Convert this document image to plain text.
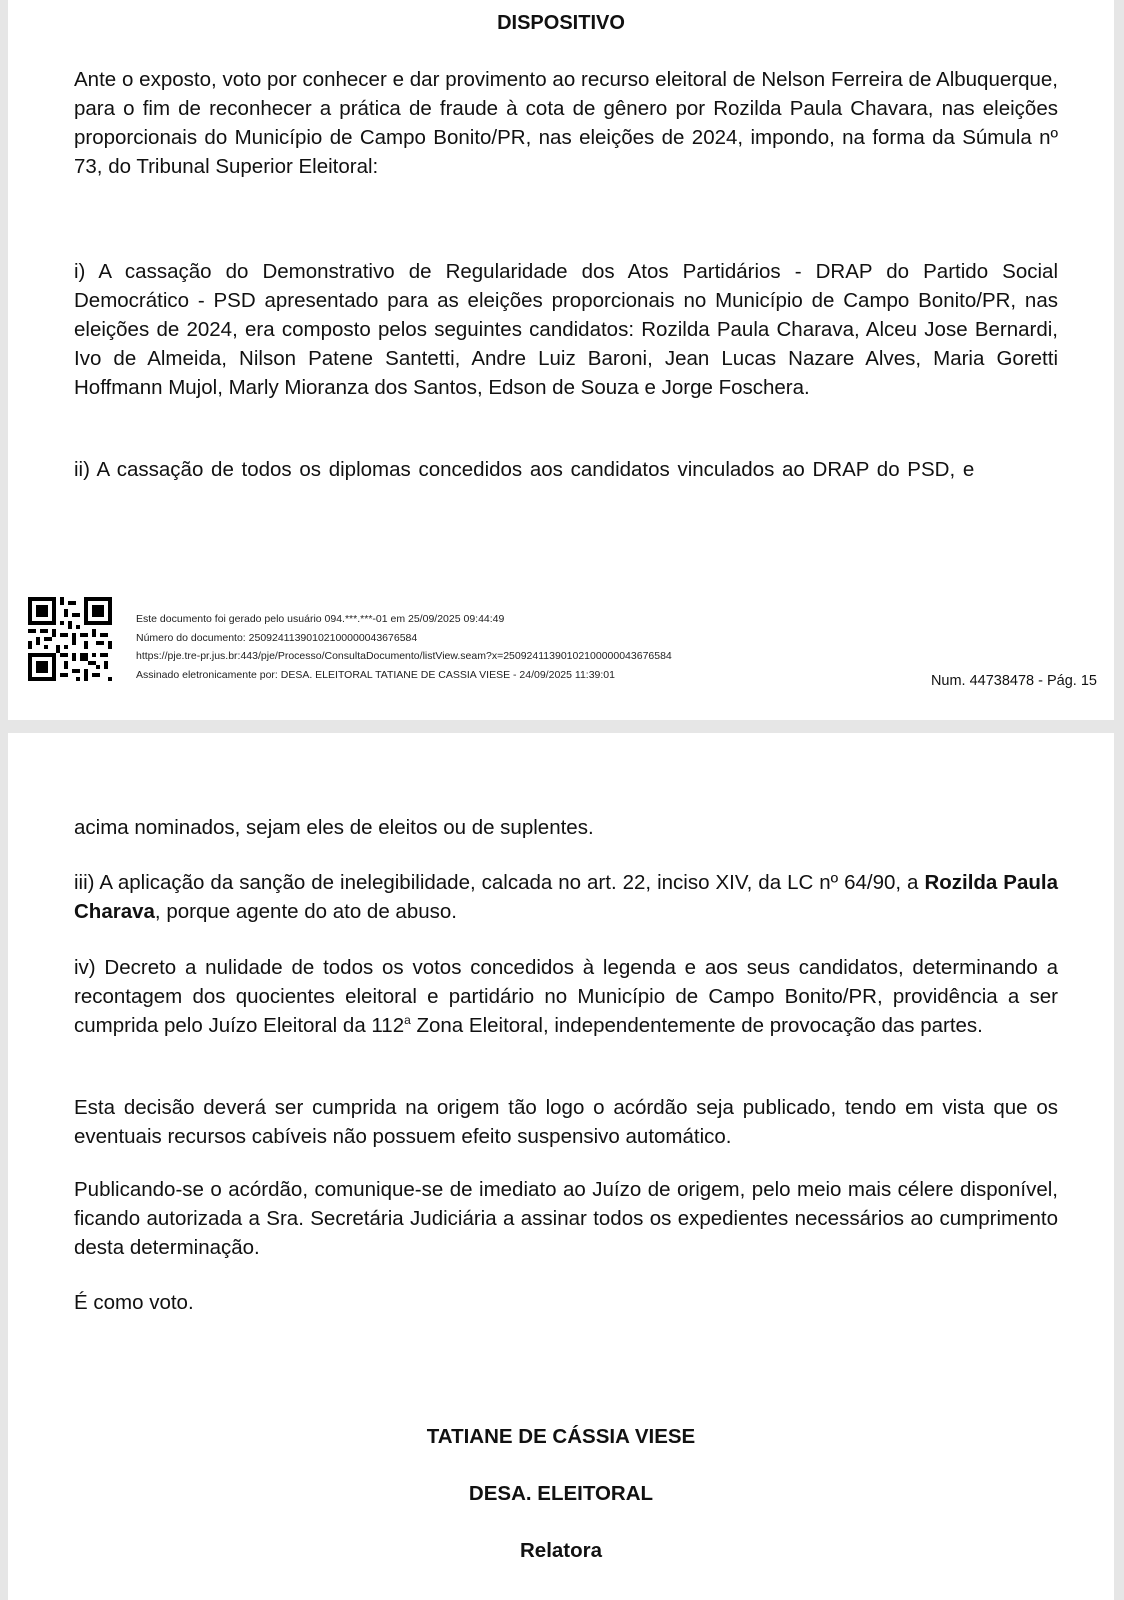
DISPOSITIVO

Ante o exposto, voto por conhecer e dar provimento ao recurso eleitoral de Nelson Ferreira de Albuquerque, para o fim de reconhecer a prática de fraude à cota de gênero por Rozilda Paula Chavara, nas eleições proporcionais do Município de Campo Bonito/PR, nas eleições de 2024, impondo, na forma da Súmula nº 73, do Tribunal Superior Eleitoral:

i) A cassação do Demonstrativo de Regularidade dos Atos Partidários - DRAP do Partido Social Democrático - PSD apresentado para as eleições proporcionais no Município de Campo Bonito/PR, nas eleições de 2024, era composto pelos seguintes candidatos: Rozilda Paula Charava, Alceu Jose Bernardi, Ivo de Almeida, Nilson Patene Santetti, Andre Luiz Baroni, Jean Lucas Nazare Alves, Maria Goretti Hoffmann Mujol, Marly Mioranza dos Santos, Edson de Souza e Jorge Foschera.

ii) A cassação de todos os diplomas concedidos aos candidatos vinculados ao DRAP do PSD, e

Este documento foi gerado pelo usuário 094.***.***-01 em 25/09/2025 09:44:49
Número do documento: 25092411390102100000043676584
https://pje.tre-pr.jus.br:443/pje/Processo/ConsultaDocumento/listView.seam?x=25092411390102100000043676584
Assinado eletronicamente por: DESA. ELEITORAL TATIANE DE CASSIA VIESE - 24/09/2025 11:39:01	Num. 44738478 - Pág. 15

acima nominados, sejam eles de eleitos ou de suplentes.

iii) A aplicação da sanção de inelegibilidade, calcada no art. 22, inciso XIV, da LC nº 64/90, a Rozilda Paula Charava, porque agente do ato de abuso.

iv) Decreto a nulidade de todos os votos concedidos à legenda e aos seus candidatos, determinando a recontagem dos quocientes eleitoral e partidário no Município de Campo Bonito/PR, providência a ser cumprida pelo Juízo Eleitoral da 112$^a$ Zona Eleitoral, independentemente de provocação das partes.

Esta decisão deverá ser cumprida na origem tão logo o acórdão seja publicado, tendo em vista que os eventuais recursos cabíveis não possuem efeito suspensivo automático.

Publicando-se o acórdão, comunique-se de imediato ao Juízo de origem, pelo meio mais célere disponível, ficando autorizada a Sra. Secretária Judiciária a assinar todos os expedientes necessários ao cumprimento desta determinação.

É como voto.

TATIANE DE CÁSSIA VIESE
DESA. ELEITORAL
Relatora
